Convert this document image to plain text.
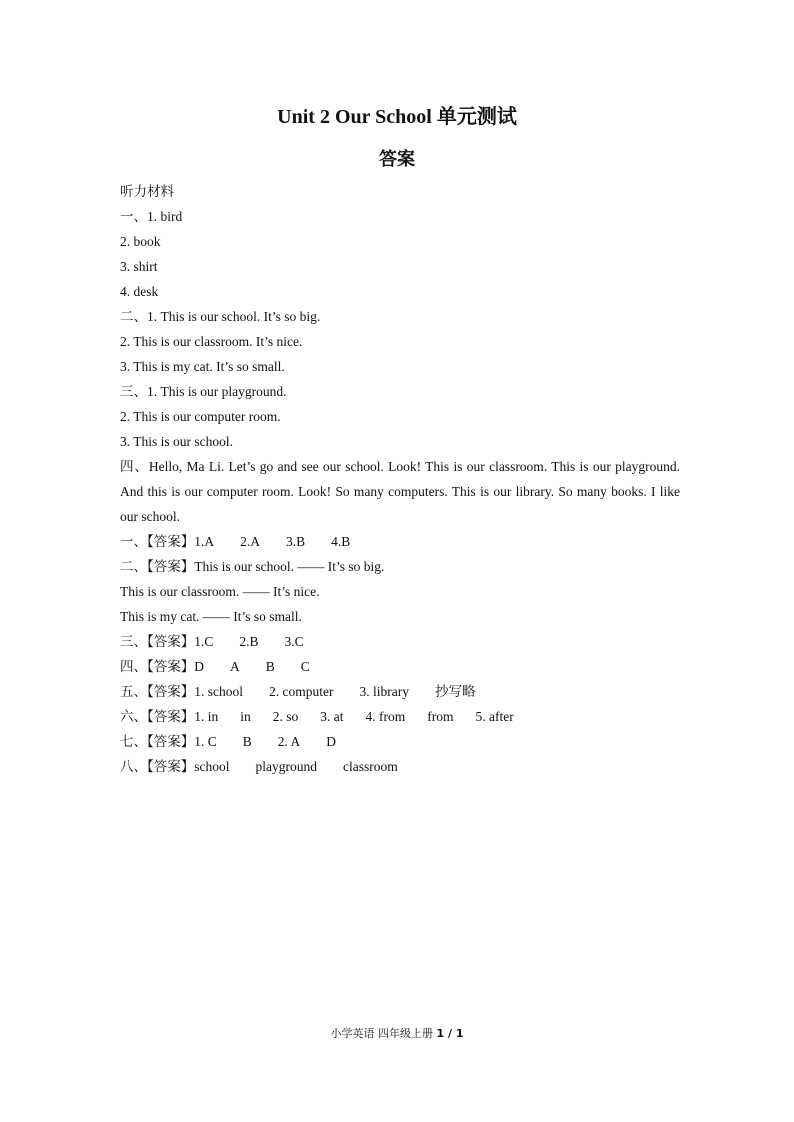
Unit 2 Our School 单元测试
答案
听力材料
一、1. bird
2. book
3. shirt
4. desk
二、1. This is our school. It’s so big.
2. This is our classroom. It’s nice.
3. This is my cat. It’s so small.
三、1. This is our playground.
2. This is our computer room.
3. This is our school.
四、Hello, Ma Li. Let’s go and see our school. Look! This is our classroom. This is our playground. And this is our computer room. Look! So many computers. This is our library. So many books. I like our school.
一、【答案】1.A 2.A 3.B 4.B
二、【答案】This is our school. —— It’s so big.
This is our classroom. —— It’s nice.
This is my cat. —— It’s so small.
三、【答案】1.C 2.B 3.C
四、【答案】D A B C
五、【答案】1. school 2. computer 3. library 抄写略
六、【答案】1. in in 2. so 3. at 4. from from 5. after
七、【答案】1. C B 2. A D
八、【答案】school playground classroom
小学英语 四年级上册 1 / 1
